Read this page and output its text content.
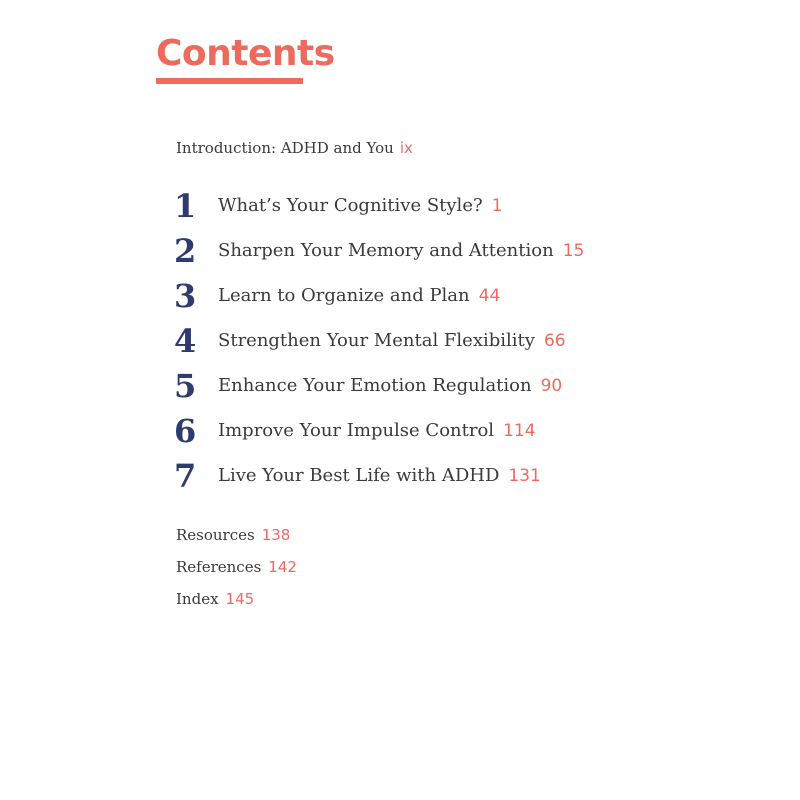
Contents
Introduction: ADHD and You ix
1	What’s Your Cognitive Style? 1
2	Sharpen Your Memory and Attention 15
3	Learn to Organize and Plan 44
4	Strengthen Your Mental Flexibility 66
5	Enhance Your Emotion Regulation 90
6	Improve Your Impulse Control 114
7	Live Your Best Life with ADHD 131
Resources 138
References 142
Index 145
